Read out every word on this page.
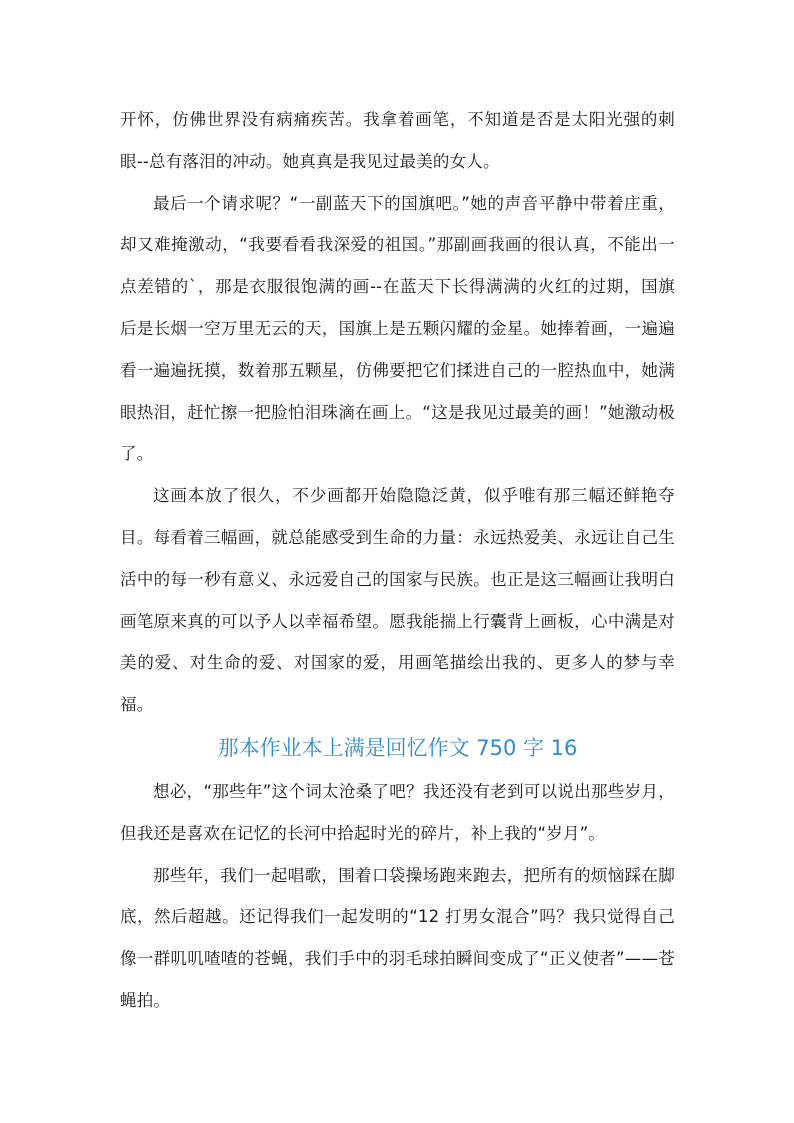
开怀，仿佛世界没有病痛疾苦。我拿着画笔，不知道是否是太阳光强的刺眼--总有落泪的冲动。她真真是我见过最美的女人。

最后一个请求呢？“一副蓝天下的国旗吧。”她的声音平静中带着庄重，却又难掩激动，“我要看看我深爱的祖国。”那副画我画的很认真，不能出一点差错的`，那是衣服很饱满的画--在蓝天下长得满满的火红的过期，国旗后是长烟一空万里无云的天，国旗上是五颗闪耀的金星。她捧着画，一遍遍看一遍遍抚摸，数着那五颗星，仿佛要把它们揉进自己的一腔热血中，她满眼热泪，赶忙擦一把脸怕泪珠滴在画上。“这是我见过最美的画！”她激动极了。

这画本放了很久，不少画都开始隐隐泛黄，似乎唯有那三幅还鲜艳夺目。每看着三幅画，就总能感受到生命的力量：永远热爱美、永远让自己生活中的每一秒有意义、永远爱自己的国家与民族。也正是这三幅画让我明白画笔原来真的可以予人以幸福希望。愿我能揣上行囊背上画板，心中满是对美的爱、对生命的爱、对国家的爱，用画笔描绘出我的、更多人的梦与幸福。

那本作业本上满是回忆作文 750 字 16

想必，“那些年”这个词太沧桑了吧？我还没有老到可以说出那些岁月，但我还是喜欢在记忆的长河中拾起时光的碎片，补上我的“岁月”。

那些年，我们一起唱歌，围着口袋操场跑来跑去，把所有的烦恼踩在脚底，然后超越。还记得我们一起发明的“12 打男女混合”吗？我只觉得自己像一群叽叽喳喳的苍蝇，我们手中的羽毛球拍瞬间变成了“正义使者”——苍蝇拍。
